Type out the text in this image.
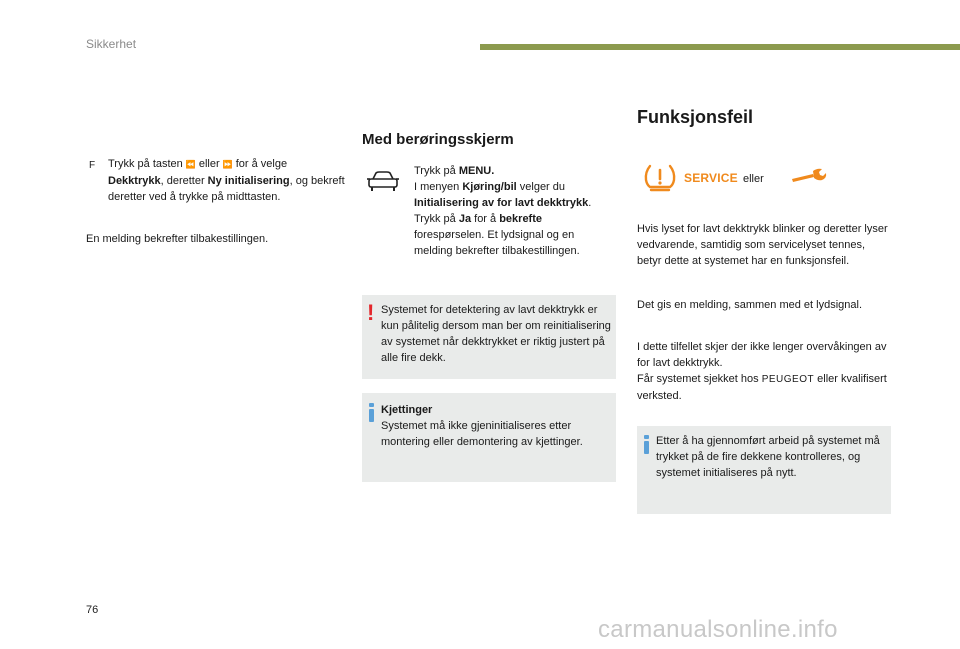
Sikkerhet
F Trykk på tasten ⏪ eller ⏩ for å velge
Dekktrykk, deretter Ny initialisering, og bekreft deretter ved å trykke på midttasten.
En melding bekrefter tilbakestillingen.
Med berøringsskjerm
Trykk på MENU.
I menyen Kjøring/bil velger du Initialisering av for lavt dekktrykk.
Trykk på Ja for å bekrefte forespørselen. Et lydsignal og en melding bekrefter tilbakestillingen.
! Systemet for detektering av lavt dekktrykk er kun pålitelig dersom man ber om reinitialisering av systemet når dekktrykket er riktig justert på alle fire dekk.
Kjettinger
Systemet må ikke gjeninitialiseres etter montering eller demontering av kjettinger.
Funksjonsfeil
SERVICE eller
Hvis lyset for lavt dekktrykk blinker og deretter lyser vedvarende, samtidig som servicelyset tennes, betyr dette at systemet har en funksjonsfeil.
Det gis en melding, sammen med et lydsignal.
I dette tilfellet skjer der ikke lenger overvåkingen av for lavt dekktrykk.
Får systemet sjekket hos PEUGEOT eller kvalifisert verksted.
Etter å ha gjennomført arbeid på systemet må trykket på de fire dekkene kontrolleres, og systemet initialiseres på nytt.
76
carmanualsonline.info
